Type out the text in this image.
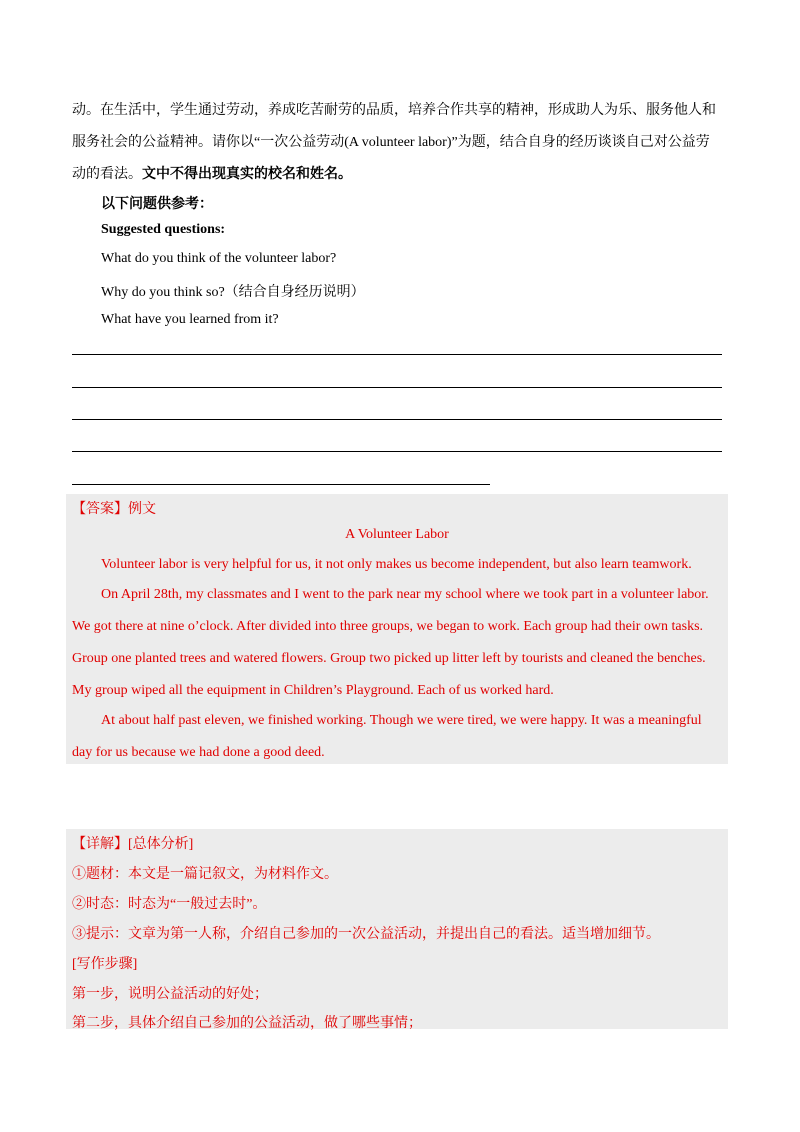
动。在生活中，学生通过劳动，养成吃苦耐劳的品质，培养合作共享的精神，形成助人为乐、服务他人和
服务社会的公益精神。请你以“一次公益劳动(A volunteer labor)”为题，结合自身的经历谈谈自己对公益劳
动的看法。文中不得出现真实的校名和姓名。
以下问题供参考：
Suggested questions:
What do you think of the volunteer labor?
Why do you think so?（结合自身经历说明）
What have you learned from it?
【答案】例文
A Volunteer Labor
Volunteer labor is very helpful for us, it not only makes us become independent, but also learn teamwork.
On April 28th, my classmates and I went to the park near my school where we took part in a volunteer labor.
We got there at nine o’clock. After divided into three groups, we began to work. Each group had their own tasks.
Group one planted trees and watered flowers. Group two picked up litter left by tourists and cleaned the benches.
My group wiped all the equipment in Children’s Playground. Each of us worked hard.
At about half past eleven, we finished working. Though we were tired, we were happy. It was a meaningful
day for us because we had done a good deed.
【详解】[总体分析]
①题材：本文是一篇记叙文，为材料作文。
②时态：时态为“一般过去时”。
③提示：文章为第一人称，介绍自己参加的一次公益活动，并提出自己的看法。适当增加细节。
[写作步骤]
第一步，说明公益活动的好处；
第二步，具体介绍自己参加的公益活动，做了哪些事情；
